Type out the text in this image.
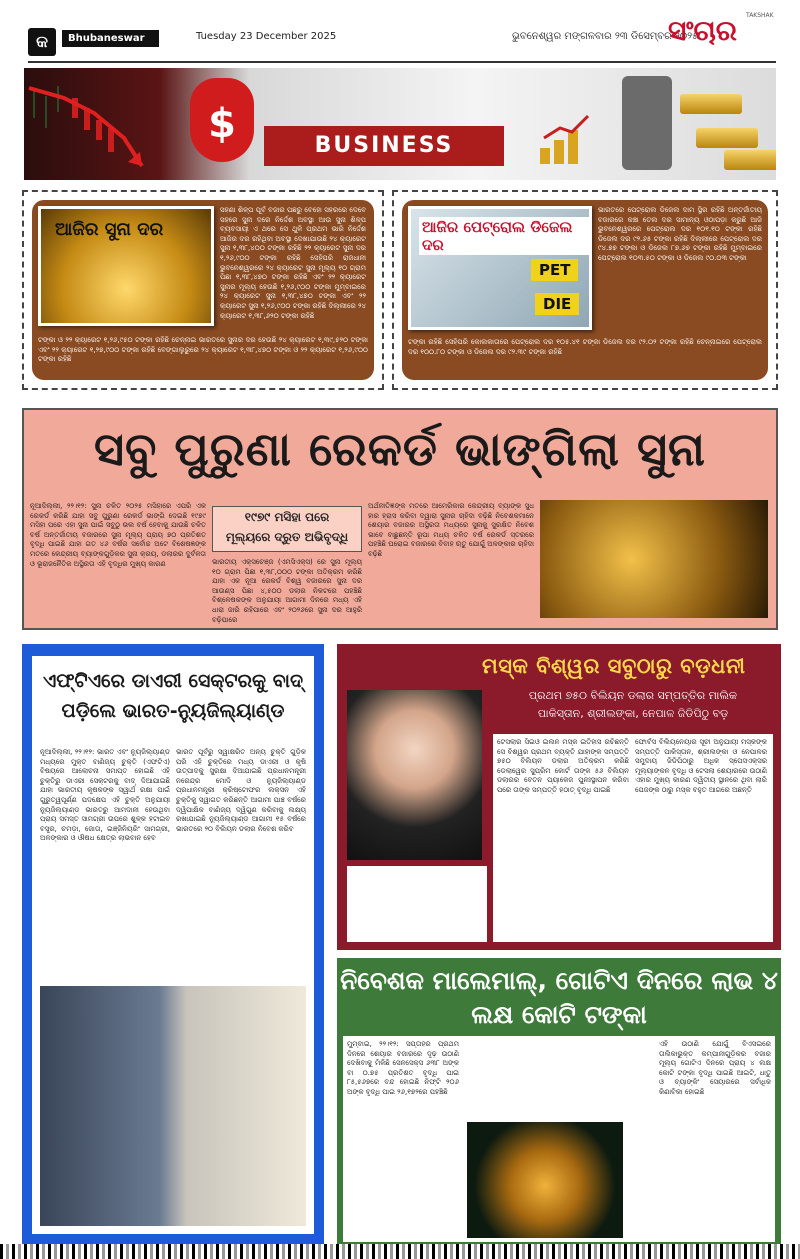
କ	Bhubaneswar	Tuesday 23 December 2025	ଭୁବନେଶ୍ୱର ମଙ୍ଗଳବାର ୨୩ ଡିସେମ୍ବର ୨୦୨୫
ସଂଚାର TAKSHAK
$	BUSINESS
ଆଜିର ସୁନା ଦର
ସହଣା ଶିଳ୍ପ ପୂର୍ବ ବଜାର ପଛରୁ ବେହୋ ସହରରେ ଦେବେ ସହରେ ସୁନା ଦରେ ନିର୍ଦ୍ଦେଶ ଅବସ୍ଥା ଆଉ ସୁନା ଶିଳ୍ପ ବ୍ୟବସାୟୀ ଏ ଥରେ ସେ ଥୁଳି ପ୍ରଥମ ଭାରି ନିର୍ଦ୍ଦେଶ ଆଜିର ଦର ରହିଥିବା ଅବସ୍ଥା ଦେଖାଯାଉଛି ୨୪ କ୍ୟାରେଟ ସୁନା ୧,୩୮,୪୦୦ ଟଙ୍କା ରହିଛି ୨୨ କ୍ୟାରେଟ ସୁନା ଦର ୧,୨୬,୯୦୦ ଟଙ୍କା ରହିଛି ସେହିପରି ରାଜଧାନୀ ଭୁବନେଶ୍ୱରରେ ୨୪ କ୍ୟାରେଟ ସୁନା ମୂଲ୍ୟ ୧୦ ଗ୍ରାମ ପିଛା ୧,୩୮,୪୭୦ ଟଙ୍କା ରହିଛି ଏବଂ ୨୨ କ୍ୟାରେଟ ସୁନାର ମୂଲ୍ୟ ହେଉଛି ୧,୨୬,୯୦୦ ଟଙ୍କା ମୁମ୍ବାଇରେ ୨୪ କ୍ୟାରେଟ ସୁନା ୧,୩୮,୪୭୦ ଟଙ୍କା ଏବଂ ୨୨ କ୍ୟାରେଟ ସୁନା ୧,୨୬,୯୦୦ ଟଙ୍କା ରହିଛି ଦିଲ୍ଲୀରେ ୨୪ କ୍ୟାରେଟ ୧,୩୮,୬୨୦ ଟଙ୍କା ରହିଛି
ଟଙ୍କା ଓ ୨୨ କ୍ୟାରେଟ ୧,୨୬,୯୫୦ ଟଙ୍କା ରହିଛି ଚେନ୍ନାଇ ଭାରତରେ ସୁନାର ଦର ହେଉଛି ୨୪ କ୍ୟାରେଟ ୧,୩୯,୫୨୦ ଟଙ୍କା ଏବଂ ୨୨ କ୍ୟାରେଟ ୧,୨୭,୯୦୦ ଟଙ୍କା ରହିଛି ବେଙ୍ଗାଲୁରୁରେ ୨୪ କ୍ୟାରେଟ ୧,୩୮,୪୭୦ ଟଙ୍କା ଓ ୨୨ କ୍ୟାରେଟ ୧,୨୬,୯୦୦ ଟଙ୍କା ରହିଛି
ଆଜିର ପେଟ୍ରୋଲ ଡିଜେଲ ଦର
PET
DIE
ଭାରତରେ ପେଟ୍ରୋଲ ଡିଜେଲ ଦାମ ସ୍ଥିର ରହିଛି ଅନ୍ତର୍ଜାତୀୟ ବଜାରରେ କଞ୍ଚା ତେଲ ଦର ସାମାନ୍ୟ ଓଠାପଡ଼ା କରୁଛି ଆଜି ଭୁବନେଶ୍ୱରରେ ପେଟ୍ରୋଲ ଦର ୧୦୧.୧୦ ଟଙ୍କା ରହିଛି ଡିଜେଲ ଦର ୯୨.୬୫ ଟଙ୍କା ରହିଛି ଦିଲ୍ଲୀରେ ପେଟ୍ରୋଲ ଦର ୯୪.୭୭ ଟଙ୍କା ଓ ଡିଜେଲ ୮୭.୬୭ ଟଙ୍କା ରହିଛି ମୁମ୍ବାଇରେ ପେଟ୍ରୋଲ ୧୦୩.୫୦ ଟଙ୍କା ଓ ଡିଜେଲ ୯୦.୦୩ ଟଙ୍କା
ଟଙ୍କା ରହିଛି ସେହିପରି କୋଲକାତାରେ ପେଟ୍ରୋଲ ଦର ୧୦୫.୪୧ ଟଙ୍କା ଡିଜେଲ ଦର ୯୨.୦୨ ଟଙ୍କା ରହିଛି ଚେନ୍ନାଇରେ ପେଟ୍ରୋଲ ଦର ୧୦୦.୮୦ ଟଙ୍କା ଓ ଡିଜେଲ ଦର ୯୨.୩୯ ଟଙ୍କା ରହିଛି
ସବୁ ପୁରୁଣା ରେକର୍ଡ ଭାଙ୍ଗିଲା ସୁନା
୧୯୭୯ ମସିହା ପରେ
ମୂଲ୍ୟରେ ଦ୍ରୁତ ଅଭିବୃଦ୍ଧି
ନୂଆଦିଲ୍ଲୀ, ୨୨।୧୨: ସୁନା ଚଳିତ ୨୦୨୫ ମସିହାରେ ଏପରି ଏକ ରେକର୍ଡ କରିଛି ଯାହା ସବୁ ପୁରୁଣା ରେକର୍ଡ ଭାଙ୍ଗି ଦେଇଛି ୧୯୭୯ ମସିହା ପରେ ଏହା ସୁନା ପାଇଁ ସବୁଠୁ ଭଲ ବର୍ଷ ହେବାକୁ ଯାଉଛି ଚଳିତ ବର୍ଷ ଅନ୍ତର୍ଜାତୀୟ ବଜାରରେ ସୁନା ମୂଲ୍ୟ ପ୍ରାୟ ୭୦ ପ୍ରତିଶତ ବୃଦ୍ଧି ପାଇଛି ଯାହା ଗତ ୪୬ ବର୍ଷର ସର୍ବୋଚ୍ଚ ଅଟେ ବିଶେଷଜ୍ଞଙ୍କ ମତରେ କେନ୍ଦ୍ରୀୟ ବ୍ୟାଙ୍କଗୁଡ଼ିକର ସୁନା କ୍ରୟ, ଡଲାରର ଦୁର୍ବଳତା ଓ ଭୂରାଜନୈତିକ ଅସ୍ଥିରତା ଏହି ବୃଦ୍ଧିର ମୁଖ୍ୟ କାରଣ	ଭାରତୀୟ ଏକ୍ସଚେଞ୍ଜ (ଏମସିଏକ୍ସ) ରେ ସୁନା ମୂଲ୍ୟ ୧୦ ଗ୍ରାମ ପିଛା ୧,୩୮,୦୦୦ ଟଙ୍କା ଅତିକ୍ରମ କରିଛି ଯାହା ଏକ ନୂଆ ରେକର୍ଡ ବିଶ୍ୱ ବଜାରରେ ସୁନା ଦର ଆଉଣ୍ସ ପିଛା ୪,୫୦୦ ଡଲାର ନିକଟରେ ପହଞ୍ଚିଛି ବିଶ୍ଳେଷକଙ୍କ ଅନୁଯାୟୀ ଆଗାମୀ ଦିନରେ ମଧ୍ୟ ଏହି ଧାରା ଜାରି ରହିପାରେ ଏବଂ ୨୦୨୬ରେ ସୁନା ଦର ଆହୁରି ବଢ଼ିପାରେ
ଅର୍ଥନୀତିଜ୍ଞଙ୍କ ମତରେ ଆମେରିକାର କେନ୍ଦ୍ରୀୟ ବ୍ୟାଙ୍କ ସୁଧ ହାର ହ୍ରାସ କରିବା ଦ୍ୱାରା ସୁନାର ଚାହିଦା ବଢ଼ିଛି ନିବେଶକମାନେ ଶେୟାର ବଜାରର ଅସ୍ଥିରତା ମଧ୍ୟରେ ସୁନାକୁ ସୁରକ୍ଷିତ ନିବେଶ ଭାବେ ବାଛୁଛନ୍ତି ରୂପା ମଧ୍ୟ ଚଳିତ ବର୍ଷ ରେକର୍ଡ ସ୍ତରରେ ପହଞ୍ଚିଛି ଘରୋଇ ବଜାରରେ ବିବାହ ଋତୁ ଯୋଗୁଁ ଅଳଙ୍କାର ଚାହିଦା ବଢ଼ିଛି
ଏଫ୍‌ଟିଏରେ ଡାଏରୀ ସେକ୍ଟରକୁ ବାଦ୍ ପଡ଼ିଲେ ଭାରତ-ନ୍ୟୁଜିଲ୍ୟାଣ୍ଡ
ନୂଆଦିଲ୍ଲୀ, ୨୨।୧୨: ଭାରତ ଏବଂ ନ୍ୟୁଜିଲ୍ୟାଣ୍ଡ ମଧ୍ୟରେ ମୁକ୍ତ ବାଣିଜ୍ୟ ଚୁକ୍ତି (ଏଫଟିଏ) ବିଷୟରେ ଆଲୋଚନା ସମାପ୍ତ ହୋଇଛି ଏହି ଚୁକ୍ତିରୁ ଡାଏରୀ ସେକ୍ଟରକୁ ବାଦ୍ ଦିଆଯାଇଛି ଯାହା ଭାରତୀୟ କୃଷକଙ୍କ ସ୍ୱାର୍ଥ ରକ୍ଷା ପାଇଁ ଗୁରୁତ୍ୱପୂର୍ଣ୍ଣ ପଦକ୍ଷେପ ଏହି ଚୁକ୍ତି ଅନୁଯାୟୀ ନ୍ୟୁଜିଲ୍ୟାଣ୍ଡ ଭାରତରୁ ଆମଦାନୀ ହେଉଥିବା ପ୍ରାୟ ସମସ୍ତ ସାମଗ୍ରୀ ଉପରେ ଶୁଳ୍କ ହଟାଇବ ବସ୍ତ୍ର, ଚମଡ଼ା, ଜୋତା, ଇଞ୍ଜିନିୟରିଂ ସାମଗ୍ରୀ, ଅଳଙ୍କାର ଓ ଔଷଧ କ୍ଷେତ୍ର ଲାଭବାନ ହେବ
ଭାରତ ପୂର୍ବରୁ ସ୍ୱାକ୍ଷରିତ ଅନ୍ୟ ଚୁକ୍ତି ଗୁଡ଼ିକ ପରି ଏହି ଚୁକ୍ତିରେ ମଧ୍ୟ ଡାଏରୀ ଓ କୃଷି ଉତ୍ପାଦକୁ ସୁରକ୍ଷା ଦିଆଯାଇଛି ପ୍ରଧାନମନ୍ତ୍ରୀ ନରେନ୍ଦ୍ର ମୋଦି ଓ ନ୍ୟୁଜିଲ୍ୟାଣ୍ଡ ପ୍ରଧାନମନ୍ତ୍ରୀ କ୍ରିଷ୍ଟୋଫର ଲକ୍ସନ ଏହି ଚୁକ୍ତିକୁ ସ୍ୱାଗତ କରିଛନ୍ତି ଆଗାମୀ ପାଞ୍ଚ ବର୍ଷରେ ଦ୍ୱିପାକ୍ଷିକ ବାଣିଜ୍ୟ ଦ୍ୱିଗୁଣ କରିବାକୁ ଲକ୍ଷ୍ୟ ରଖାଯାଇଛି ନ୍ୟୁଜିଲ୍ୟାଣ୍ଡ ଆଗାମୀ ୧୫ ବର୍ଷରେ ଭାରତରେ ୨୦ ବିଲିୟନ ଡଲାର ନିବେଶ କରିବ
ମସ୍କ ବିଶ୍ୱର ସବୁଠାରୁ ବଡ଼ଧନୀ
ପ୍ରଥମ ୭୫୦ ବିଲିୟନ ଡଲାର ସମ୍ପତ୍ତିର ମାଲିକ
ପାକିସ୍ତାନ, ଶ୍ରୀଲଙ୍କା, ନେପାଳ ଜିଡିପିଠୁ ବଡ଼
ଟେସଲାର ସିଇଓ ଇଲନ ମସ୍କ ଇତିହାସ ରଚିଛନ୍ତି ସେ ବିଶ୍ୱର ପ୍ରଥମ ବ୍ୟକ୍ତି ଯାହାଙ୍କ ସମ୍ପତ୍ତି ୭୫୦ ବିଲିୟନ ଡଲାର ଅତିକ୍ରମ କରିଛି ଡେଲାୱେର ସୁପ୍ରିମ କୋର୍ଟ ତାଙ୍କ ୫୬ ବିଲିୟନ ଡଲାରର ବେତନ ପ୍ୟାକେଜ ପୁନଃସ୍ଥାପନ କରିବା ପରେ ତାଙ୍କ ସମ୍ପତ୍ତି ହଠାତ୍ ବୃଦ୍ଧି ପାଇଛି
ଫୋର୍ବସ ବିଲିୟନେୟାର ସୂଚୀ ଅନୁଯାୟୀ ମସ୍କଙ୍କ ସମ୍ପତ୍ତି ପାକିସ୍ତାନ, ଶ୍ରୀଲଙ୍କା ଓ ନେପାଳର ସମୁଦାୟ ଜିଡିପିଠାରୁ ଅଧିକ ସ୍ପେସଏକ୍ସର ମୂଲ୍ୟାଙ୍କନ ବୃଦ୍ଧି ଓ ଟେସଲା ଶେୟାରରେ ଉଠାଣି ଏହାର ମୁଖ୍ୟ କାରଣ ଦ୍ୱିତୀୟ ସ୍ଥାନରେ ଥିବା ଲାରି ପେଜଙ୍କ ଠାରୁ ମସ୍କ ବହୁତ ଆଗରେ ଅଛନ୍ତି
ନିବେଶକ ମାଲେମାଲ୍, ଗୋଟିଏ ଦିନରେ ଲାଭ ୪ ଲକ୍ଷ କୋଟି ଟଙ୍କା
ମୁମ୍ବାଇ, ୨୨।୧୨: ସପ୍ତାହର ପ୍ରଥମ ଦିନରେ ଶେୟାର ବଜାରରେ ଦୃଢ଼ ଉଠାଣି ଦେଖିବାକୁ ମିଳିଛି ସେନସେକ୍ସ ୬୩୮ ଅଙ୍କ ବା ୦.୭୫ ପ୍ରତିଶତ ବୃଦ୍ଧି ପାଇ ୮୫,୫୬୭ରେ ବନ୍ଦ ହୋଇଛି ନିଫ୍ଟି ୨୦୬ ଅଙ୍କ ବୃଦ୍ଧି ପାଇ ୨୬,୧୭୨ରେ ପହଞ୍ଚିଛି
ଏହି ଉଠାଣି ଯୋଗୁଁ ବିଏସଇରେ ତାଲିକାଭୁକ୍ତ କମ୍ପାନୀଗୁଡ଼ିକର ବଜାର ମୂଲ୍ୟ ଗୋଟିଏ ଦିନରେ ପ୍ରାୟ ୪ ଲକ୍ଷ କୋଟି ଟଙ୍କା ବୃଦ୍ଧି ପାଇଛି ଆଇଟି, ଧାତୁ ଓ ବ୍ୟାଙ୍କିଂ ସେୟାରରେ ସର୍ବାଧିକ କିଣାବିକା ହୋଇଛି
